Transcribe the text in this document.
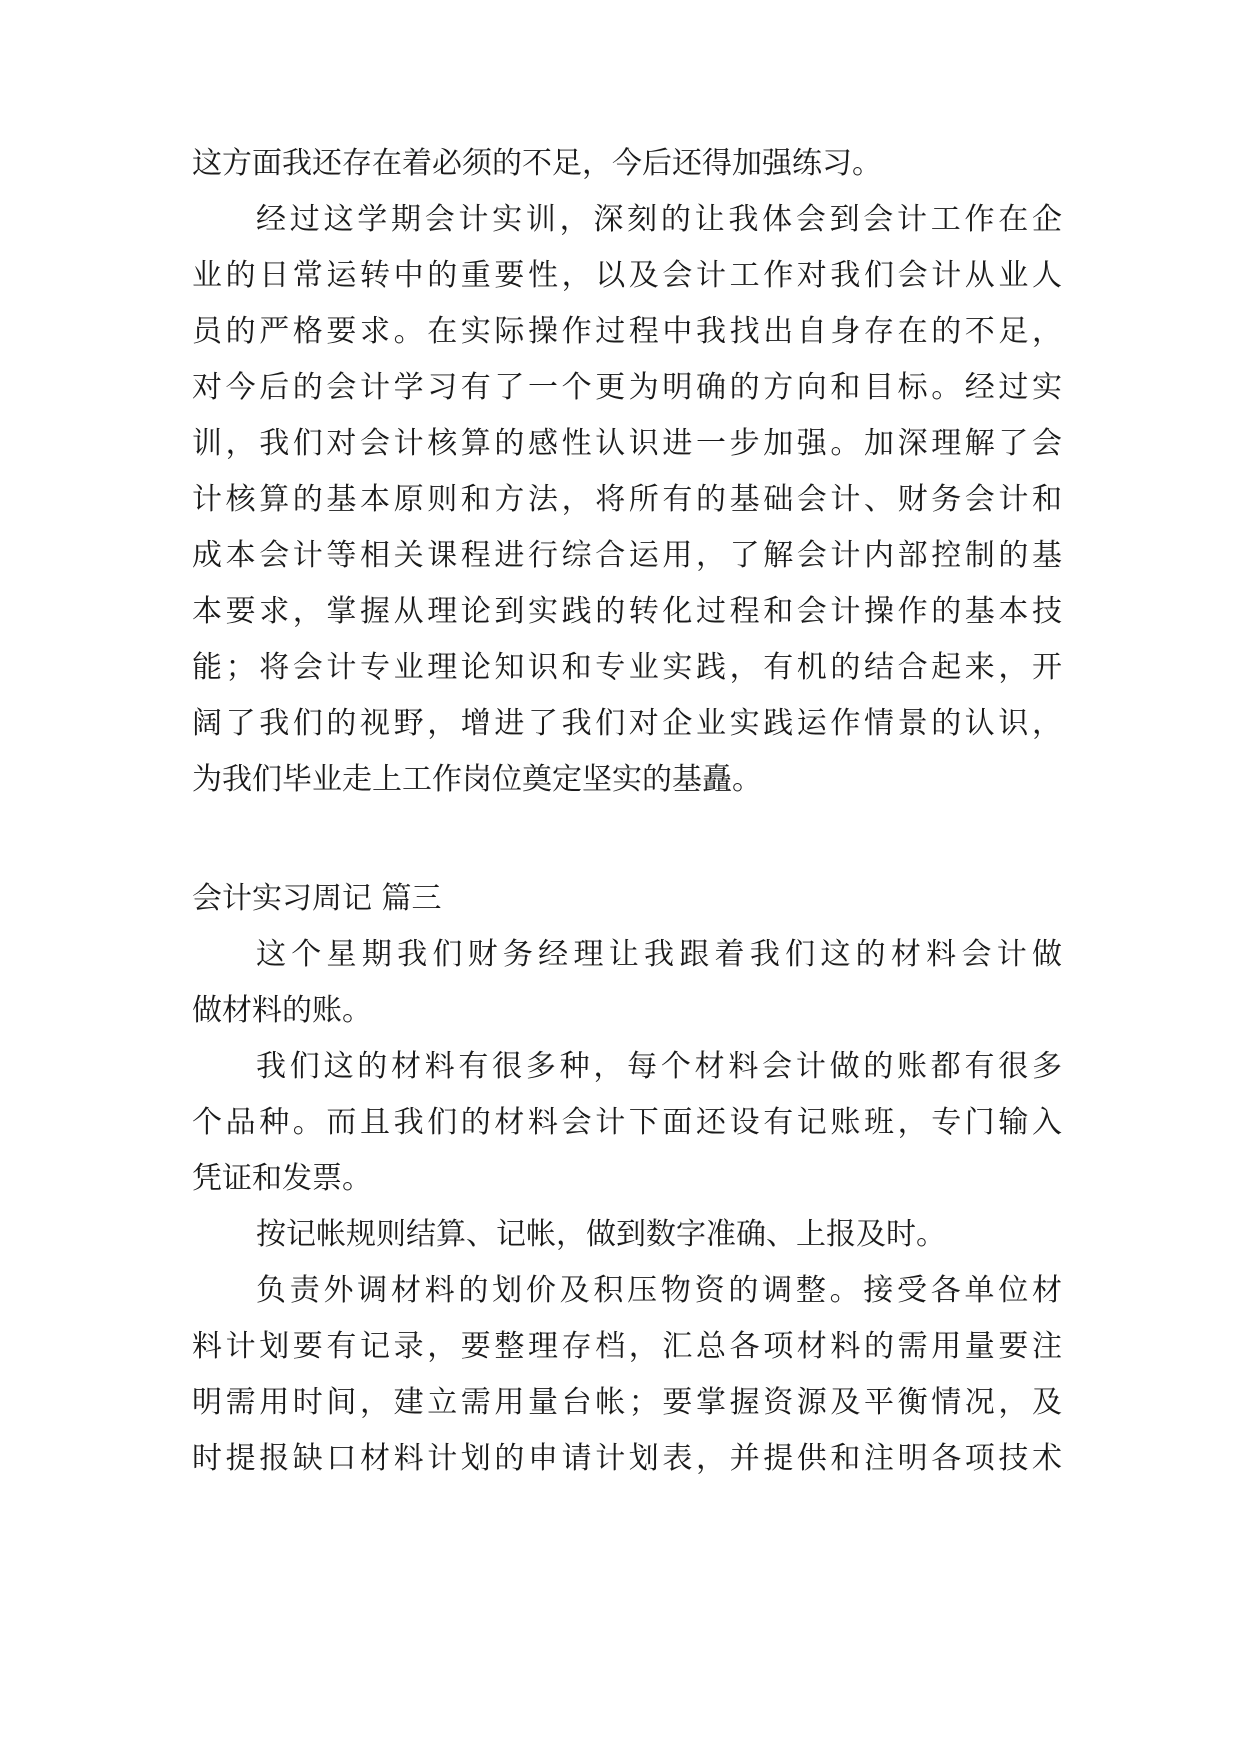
这方面我还存在着必须的不足，今后还得加强练习。
经过这学期会计实训，深刻的让我体会到会计工作在企
业的日常运转中的重要性，以及会计工作对我们会计从业人
员的严格要求。在实际操作过程中我找出自身存在的不足，
对今后的会计学习有了一个更为明确的方向和目标。经过实
训，我们对会计核算的感性认识进一步加强。加深理解了会
计核算的基本原则和方法，将所有的基础会计、财务会计和
成本会计等相关课程进行综合运用，了解会计内部控制的基
本要求，掌握从理论到实践的转化过程和会计操作的基本技
能；将会计专业理论知识和专业实践，有机的结合起来，开
阔了我们的视野，增进了我们对企业实践运作情景的认识，
为我们毕业走上工作岗位奠定坚实的基矗。
会计实习周记 篇三
这个星期我们财务经理让我跟着我们这的材料会计做
做材料的账。
我们这的材料有很多种，每个材料会计做的账都有很多
个品种。而且我们的材料会计下面还设有记账班，专门输入
凭证和发票。
按记帐规则结算、记帐，做到数字准确、上报及时。
负责外调材料的划价及积压物资的调整。接受各单位材
料计划要有记录，要整理存档，汇总各项材料的需用量要注
明需用时间，建立需用量台帐；要掌握资源及平衡情况，及
时提报缺口材料计划的申请计划表，并提供和注明各项技术
